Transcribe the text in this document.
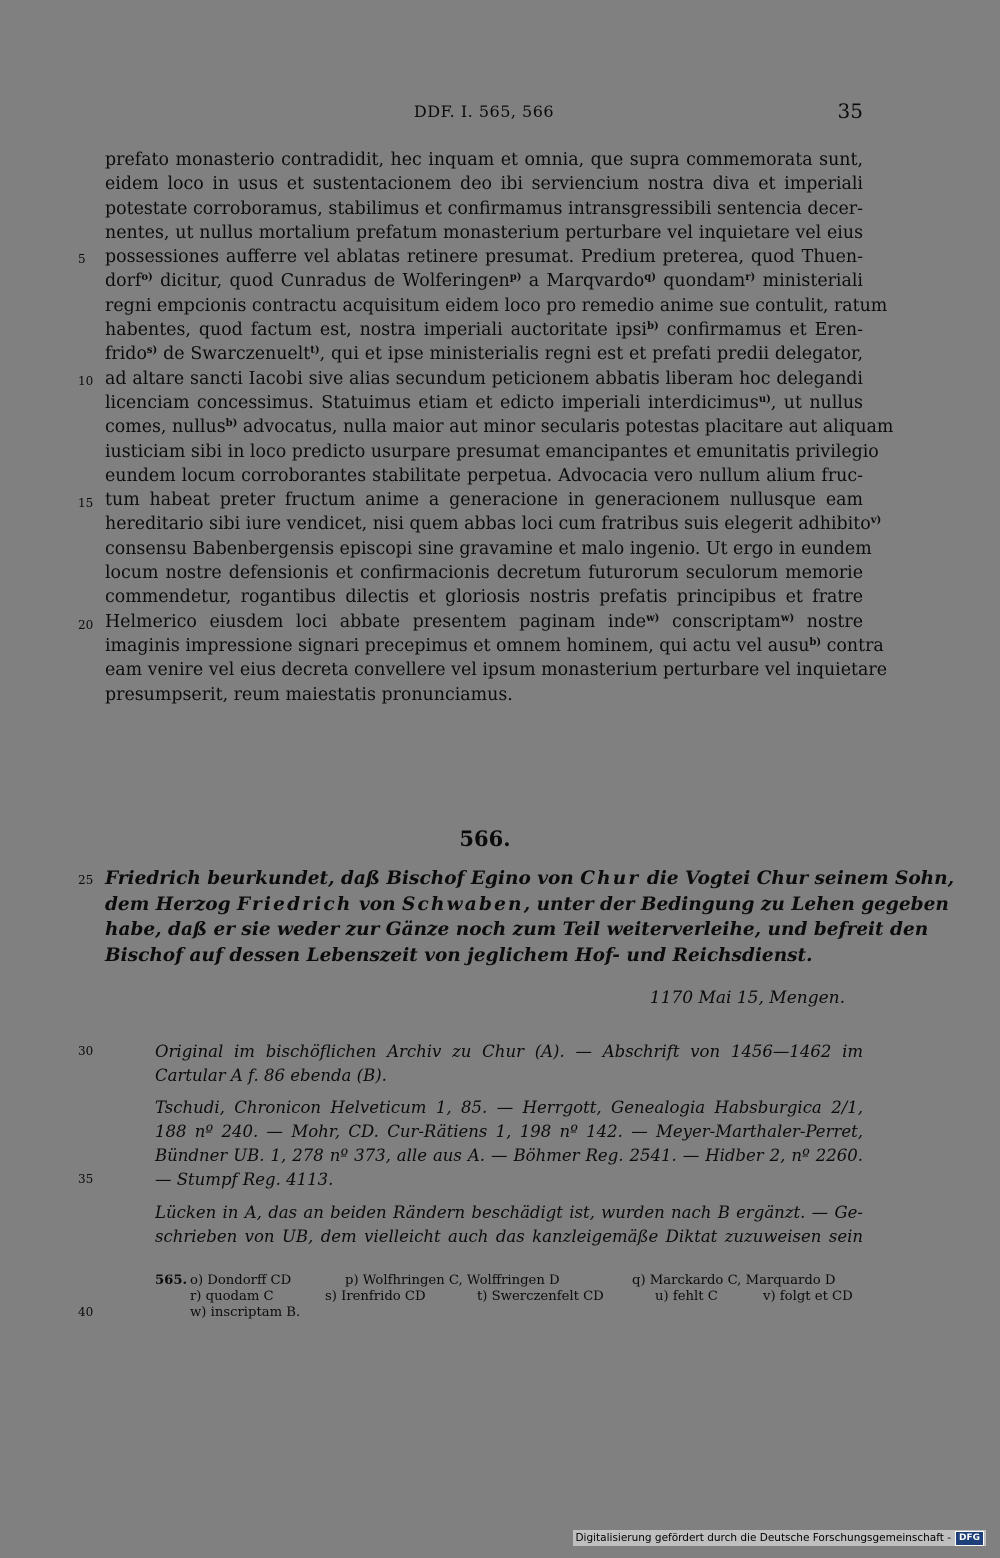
DDF. I. 565, 566	35
5
10
15
20
25
30
35
40
prefato monasterio contradidit, hec inquam et omnia, que supra commemorata sunt,
eidem loco in usus et sustentacionem deo ibi serviencium nostra diva et imperiali
potestate corroboramus, stabilimus et confirmamus intransgressibili sentencia decer-
nentes, ut nullus mortalium prefatum monasterium perturbare vel inquietare vel eius
possessiones aufferre vel ablatas retinere presumat. Predium preterea, quod Thuen-
dorf$^{o)}$ dicitur, quod Cunradus de Wolferingen$^{p)}$ a Marqvardo$^{q)}$ quondam$^{r)}$ ministeriali
regni empcionis contractu acquisitum eidem loco pro remedio anime sue contulit, ratum
habentes, quod factum est, nostra imperiali auctoritate ipsi$^{b)}$ confirmamus et Eren-
frido$^{s)}$ de Swarczenuelt$^{t)}$, qui et ipse ministerialis regni est et prefati predii delegator,
ad altare sancti Iacobi sive alias secundum peticionem abbatis liberam hoc delegandi
licenciam concessimus. Statuimus etiam et edicto imperiali interdicimus$^{u)}$, ut nullus
comes, nullus$^{b)}$ advocatus, nulla maior aut minor secularis potestas placitare aut aliquam
iusticiam sibi in loco predicto usurpare presumat emancipantes et emunitatis privilegio
eundem locum corroborantes stabilitate perpetua. Advocacia vero nullum alium fruc-
tum habeat preter fructum anime a generacione in generacionem nullusque eam
hereditario sibi iure vendicet, nisi quem abbas loci cum fratribus suis elegerit adhibito$^{v)}$
consensu Babenbergensis episcopi sine gravamine et malo ingenio. Ut ergo in eundem
locum nostre defensionis et confirmacionis decretum futurorum seculorum memorie
commendetur, rogantibus dilectis et gloriosis nostris prefatis principibus et fratre
Helmerico eiusdem loci abbate presentem paginam inde$^{w)}$ conscriptam$^{w)}$ nostre
imaginis impressione signari precepimus et omnem hominem, qui actu vel ausu$^{b)}$ contra
eam venire vel eius decreta convellere vel ipsum monasterium perturbare vel inquietare
presumpserit, reum maiestatis pronunciamus.
566.
Friedrich beurkundet, daß Bischof Egino von Chur die Vogtei Chur seinem Sohn,
dem Herzog Friedrich von Schwaben, unter der Bedingung zu Lehen gegeben
habe, daß er sie weder zur Gänze noch zum Teil weiterverleihe, und befreit den
Bischof auf dessen Lebenszeit von jeglichem Hof- und Reichsdienst.
1170 Mai 15, Mengen.
Original im bischöflichen Archiv zu Chur (A). — Abschrift von 1456—1462 im
Cartular A f. 86 ebenda (B).
Tschudi, Chronicon Helveticum 1, 85. — Herrgott, Genealogia Habsburgica 2/1,
188 nº 240. — Mohr, CD. Cur-Rätiens 1, 198 nº 142. — Meyer-Marthaler-Perret,
Bündner UB. 1, 278 nº 373, alle aus A. — Böhmer Reg. 2541. — Hidber 2, nº 2260.
— Stumpf Reg. 4113.
Lücken in A, das an beiden Rändern beschädigt ist, wurden nach B ergänzt. — Ge-
schrieben von UB, dem vielleicht auch das kanzleigemäße Diktat zuzuweisen sein
565. o) Dondorff CD	p) Wolfhringen C, Wolffringen D	q) Marckardo C, Marquardo D
r) quodam C	s) Irenfrido CD	t) Swerczenfelt CD	u) fehlt C	v) folgt et CD
w) inscriptam B.
Digitalisierung gefördert durch die Deutsche Forschungsgemeinschaft - DFG
